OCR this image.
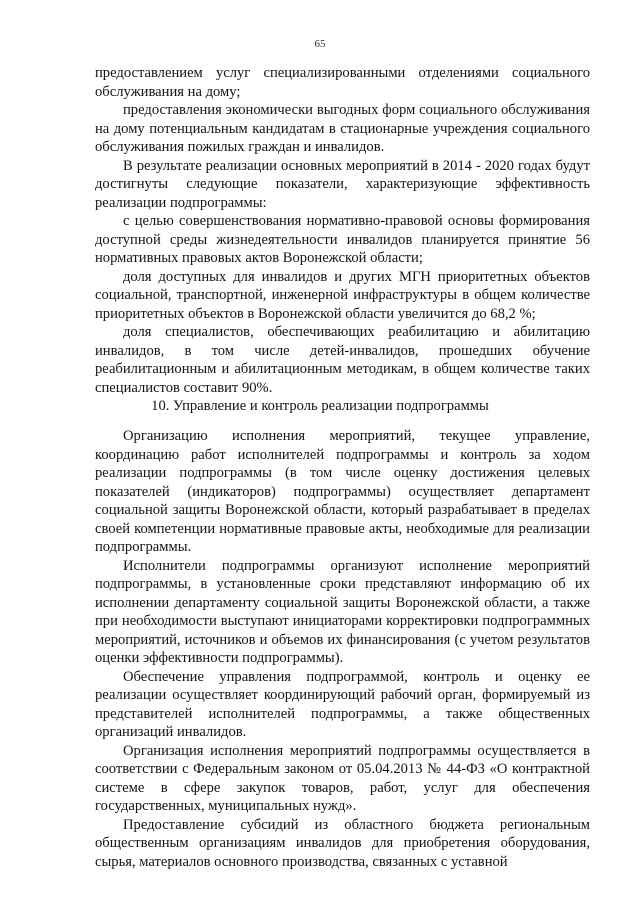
65

предоставлением услуг специализированными отделениями социального обслуживания на дому;

предоставления экономически выгодных форм социального обслуживания на дому потенциальным кандидатам в стационарные учреждения социального обслуживания пожилых граждан и инвалидов.

В результате реализации основных мероприятий в 2014 - 2020 годах будут достигнуты следующие показатели, характеризующие эффективность реализации подпрограммы:

с целью совершенствования нормативно-правовой основы формирования доступной среды жизнедеятельности инвалидов планируется принятие 56 нормативных правовых актов Воронежской области;

доля доступных для инвалидов и других МГН приоритетных объектов социальной, транспортной, инженерной инфраструктуры в общем количестве приоритетных объектов в Воронежской области увеличится до 68,2 %;

доля специалистов, обеспечивающих реабилитацию и абилитацию инвалидов, в том числе детей-инвалидов, прошедших обучение реабилитационным и абилитационным методикам, в общем количестве таких специалистов составит 90%.

10. Управление и контроль реализации подпрограммы

Организацию исполнения мероприятий, текущее управление, координацию работ исполнителей подпрограммы и контроль за ходом реализации подпрограммы (в том числе оценку достижения целевых показателей (индикаторов) подпрограммы) осуществляет департамент социальной защиты Воронежской области, который разрабатывает в пределах своей компетенции нормативные правовые акты, необходимые для реализации подпрограммы.

Исполнители подпрограммы организуют исполнение мероприятий подпрограммы, в установленные сроки представляют информацию об их исполнении департаменту социальной защиты Воронежской области, а также при необходимости выступают инициаторами корректировки подпрограммных мероприятий, источников и объемов их финансирования (с учетом результатов оценки эффективности подпрограммы).

Обеспечение управления подпрограммой, контроль и оценку ее реализации осуществляет координирующий рабочий орган, формируемый из представителей исполнителей подпрограммы, а также общественных организаций инвалидов.

Организация исполнения мероприятий подпрограммы осуществляется в соответствии с Федеральным законом от 05.04.2013 № 44-ФЗ «О контрактной системе в сфере закупок товаров, работ, услуг для обеспечения государственных, муниципальных нужд».

Предоставление субсидий из областного бюджета региональным общественным организациям инвалидов для приобретения оборудования, сырья, материалов основного производства, связанных с уставной
